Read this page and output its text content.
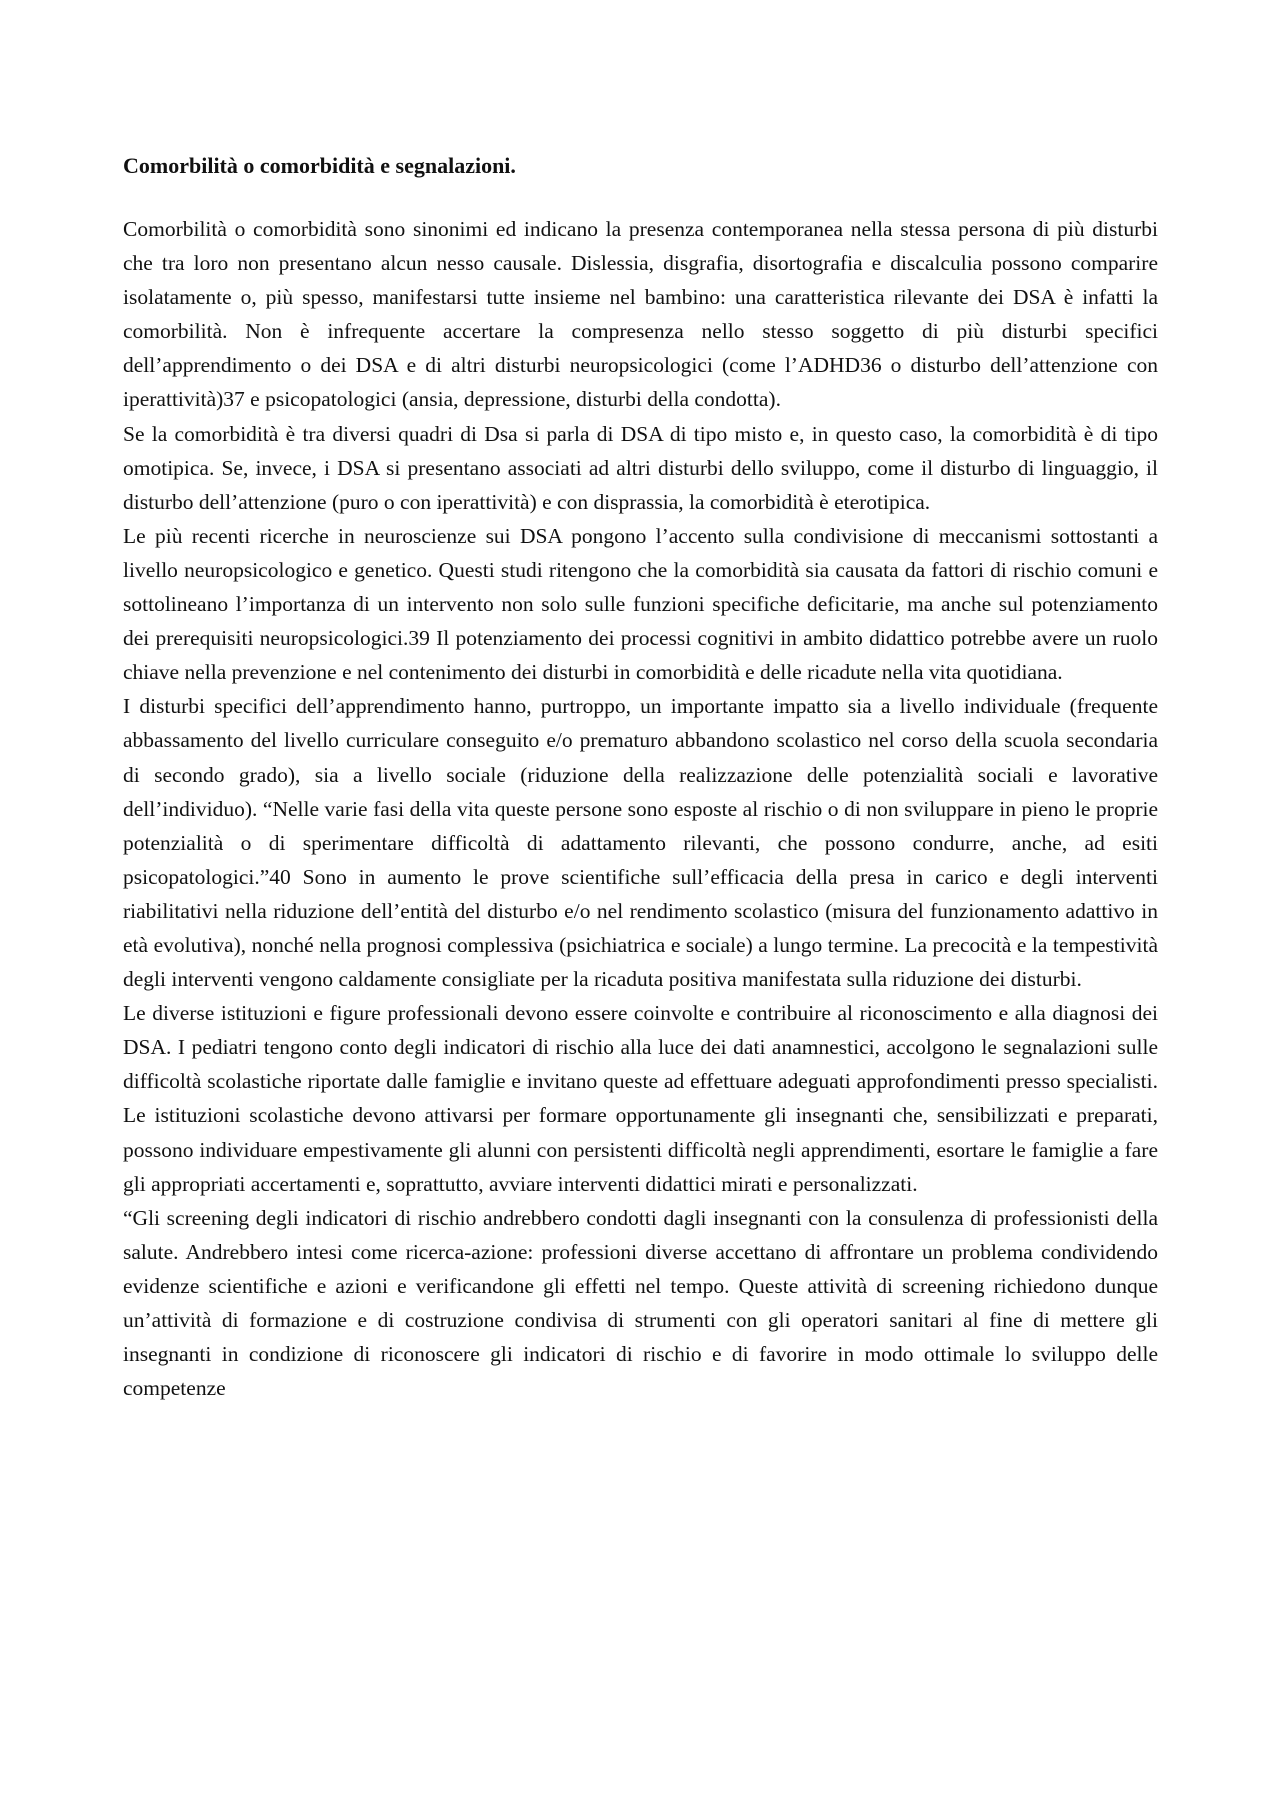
Comorbilità o comorbidità e segnalazioni.

Comorbilità o comorbidità sono sinonimi ed indicano la presenza contemporanea nella stessa persona di più disturbi che tra loro non presentano alcun nesso causale. Dislessia, disgrafia, disortografia e discalculia possono comparire isolatamente o, più spesso, manifestarsi tutte insieme nel bambino: una caratteristica rilevante dei DSA è infatti la comorbilità. Non è infrequente accertare la compresenza nello stesso soggetto di più disturbi specifici dell’apprendimento o dei DSA e di altri disturbi neuropsicologici (come l’ADHD36 o disturbo dell’attenzione con iperattività)37 e psicopatologici (ansia, depressione, disturbi della condotta).

Se la comorbidità è tra diversi quadri di Dsa si parla di DSA di tipo misto e, in questo caso, la comorbidità è di tipo omotipica. Se, invece, i DSA si presentano associati ad altri disturbi dello sviluppo, come il disturbo di linguaggio, il disturbo dell’attenzione (puro o con iperattività) e con disprassia, la comorbidità è eterotipica.

Le più recenti ricerche in neuroscienze sui DSA pongono l’accento sulla condivisione di meccanismi sottostanti a livello neuropsicologico e genetico. Questi studi ritengono che la comorbidità sia causata da fattori di rischio comuni e sottolineano l’importanza di un intervento non solo sulle funzioni specifiche deficitarie, ma anche sul potenziamento dei prerequisiti neuropsicologici.39 Il potenziamento dei processi cognitivi in ambito didattico potrebbe avere un ruolo chiave nella prevenzione e nel contenimento dei disturbi in comorbidità e delle ricadute nella vita quotidiana.

I disturbi specifici dell’apprendimento hanno, purtroppo, un importante impatto sia a livello individuale (frequente abbassamento del livello curriculare conseguito e/o prematuro abbandono scolastico nel corso della scuola secondaria di secondo grado), sia a livello sociale (riduzione della realizzazione delle potenzialità sociali e lavorative dell’individuo). “Nelle varie fasi della vita queste persone sono esposte al rischio o di non sviluppare in pieno le proprie potenzialità o di sperimentare difficoltà di adattamento rilevanti, che possono condurre, anche, ad esiti psicopatologici.”40 Sono in aumento le prove scientifiche sull’efficacia della presa in carico e degli interventi riabilitativi nella riduzione dell’entità del disturbo e/o nel rendimento scolastico (misura del funzionamento adattivo in età evolutiva), nonché nella prognosi complessiva (psichiatrica e sociale) a lungo termine. La precocità e la tempestività degli interventi vengono caldamente consigliate per la ricaduta positiva manifestata sulla riduzione dei disturbi.

Le diverse istituzioni e figure professionali devono essere coinvolte e contribuire al riconoscimento e alla diagnosi dei DSA. I pediatri tengono conto degli indicatori di rischio alla luce dei dati anamnestici, accolgono le segnalazioni sulle difficoltà scolastiche riportate dalle famiglie e invitano queste ad effettuare adeguati approfondimenti presso specialisti. Le istituzioni scolastiche devono attivarsi per formare opportunamente gli insegnanti che, sensibilizzati e preparati, possono individuare empestivamente gli alunni con persistenti difficoltà negli apprendimenti, esortare le famiglie a fare gli appropriati accertamenti e, soprattutto, avviare interventi didattici mirati e personalizzati.

“Gli screening degli indicatori di rischio andrebbero condotti dagli insegnanti con la consulenza di professionisti della salute. Andrebbero intesi come ricerca-azione: professioni diverse accettano di affrontare un problema condividendo evidenze scientifiche e azioni e verificandone gli effetti nel tempo. Queste attività di screening richiedono dunque un’attività di formazione e di costruzione condivisa di strumenti con gli operatori sanitari al fine di mettere gli insegnanti in condizione di riconoscere gli indicatori di rischio e di favorire in modo ottimale lo sviluppo delle competenze
